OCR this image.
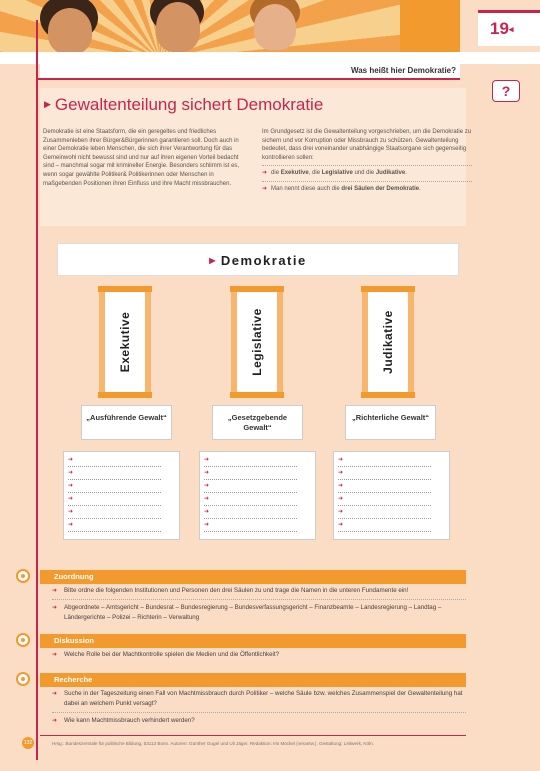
19◂
Was heißt hier Demokratie?
?
▶ Gewaltenteilung sichert Demokratie
Demokratie ist eine Staatsform, die ein geregeltes und friedliches Zusammenleben ihrer Bürger&Bürgerinnen garantieren soll. Doch auch in einer Demokratie leben Menschen, die sich ihrer Verantwortung für das Gemeinwohl nicht bewusst sind und nur auf ihren eigenen Vorteil bedacht sind – manchmal sogar mit krimineller Energie. Besonders schlimm ist es, wenn sogar gewählte Politiker& Politikerinnen oder Menschen in maßgebenden Positionen ihren Einfluss und ihre Macht missbrauchen.
Im Grundgesetz ist die Gewaltenteilung vorgeschrieben, um die Demokratie zu sichern und vor Korruption oder Missbrauch zu schützen. Gewaltenteilung bedeutet, dass drei voneinander unabhängige Staatsorgane sich gegenseitig kontrollieren sollen:
➜ die Exekutive, die Legislative und die Judikative.
➜ Man nennt diese auch die drei Säulen der Demokratie.
▶ Demokratie
Exekutive
„Ausführende Gewalt“
➜
➜
➜
➜
➜
➜
Legislative
„Gesetzgebende Gewalt“
➜
➜
➜
➜
➜
➜
Judikative
„Richterliche Gewalt“
➜
➜
➜
➜
➜
➜
Zuordnung
➜ Bitte ordne die folgenden Institutionen und Personen den drei Säulen zu und trage die Namen in die unteren Fundamente ein!
➜ Abgeordnete – Amtsgericht – Bundesrat – Bundesregierung – Bundesverfassungsgericht – Finanzbeamte – Landesregierung – Landtag – Ländergerichte – Polizei – Richterin – Verwaltung
Diskussion
➜ Welche Rolle bei der Machtkontrolle spielen die Medien und die Öffentlichkeit?
Recherche
➜ Suche in der Tageszeitung einen Fall von Machtmissbrauch durch Politiker – welche Säule bzw. welches Zusammenspiel der Gewaltenteilung hat dabei an welchem Punkt versagt?
➜ Wie kann Machtmissbrauch verhindert werden?
132	Hrsg.: Bundeszentrale für politische Bildung, 53113 Bonn. Autoren: Günther Gugel und Uli Jäger. Redaktion: Iris Möckel (verantw.). Gestaltung: Leitwerk, Köln.
